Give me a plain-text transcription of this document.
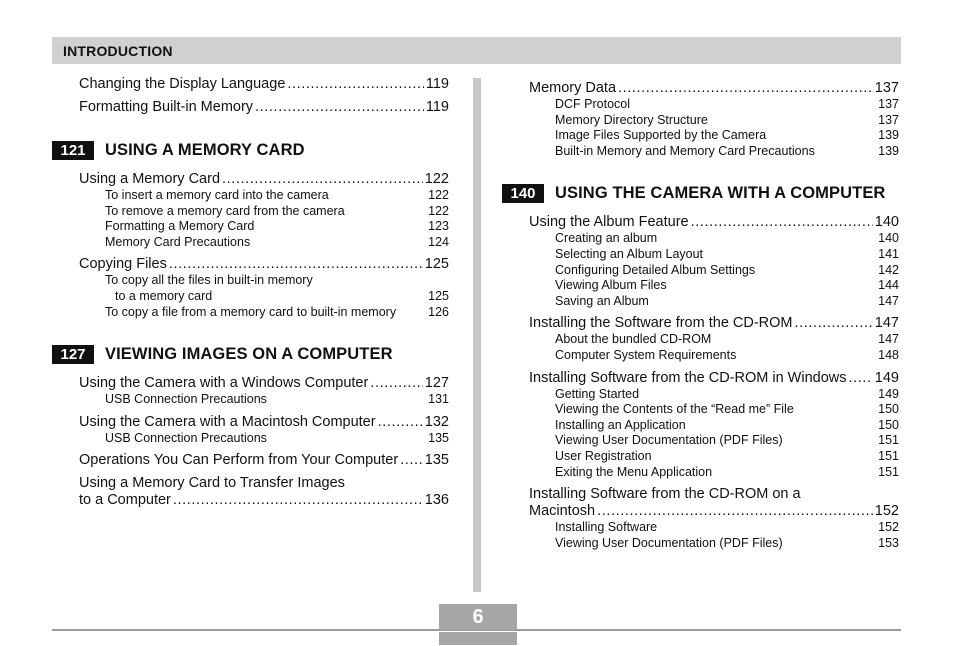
INTRODUCTION
Changing the Display Language .....	119
Formatting Built-in Memory .....	119
121	USING A MEMORY CARD
Using a Memory Card .....	122
To insert a memory card into the camera	122
To remove a memory card from the camera	122
Formatting a Memory Card	123
Memory Card Precautions	124
Copying Files .....	125
To copy all the files in built-in memory
to a memory card	125
To copy a file from a memory card to built-in memory	126
127	VIEWING IMAGES ON A COMPUTER
Using the Camera with a Windows Computer .....	127
USB Connection Precautions	131
Using the Camera with a Macintosh Computer .....	132
USB Connection Precautions	135
Operations You Can Perform from Your Computer ..... 135
Using a Memory Card to Transfer Images
to a Computer .....	136
Memory Data .....	137
DCF Protocol	137
Memory Directory Structure	137
Image Files Supported by the Camera	139
Built-in Memory and Memory Card Precautions	139
140	USING THE CAMERA WITH A COMPUTER
Using the Album Feature .....	140
Creating an album	140
Selecting an Album Layout	141
Configuring Detailed Album Settings	142
Viewing Album Files	144
Saving an Album	147
Installing the Software from the CD-ROM .....	147
About the bundled CD-ROM	147
Computer System Requirements	148
Installing Software from the CD-ROM in Windows ..... 149
Getting Started	149
Viewing the Contents of the “Read me” File	150
Installing an Application	150
Viewing User Documentation (PDF Files)	151
User Registration	151
Exiting the Menu Application	151
Installing Software from the CD-ROM on a
Macintosh .....	152
Installing Software	152
Viewing User Documentation (PDF Files)	153
6
